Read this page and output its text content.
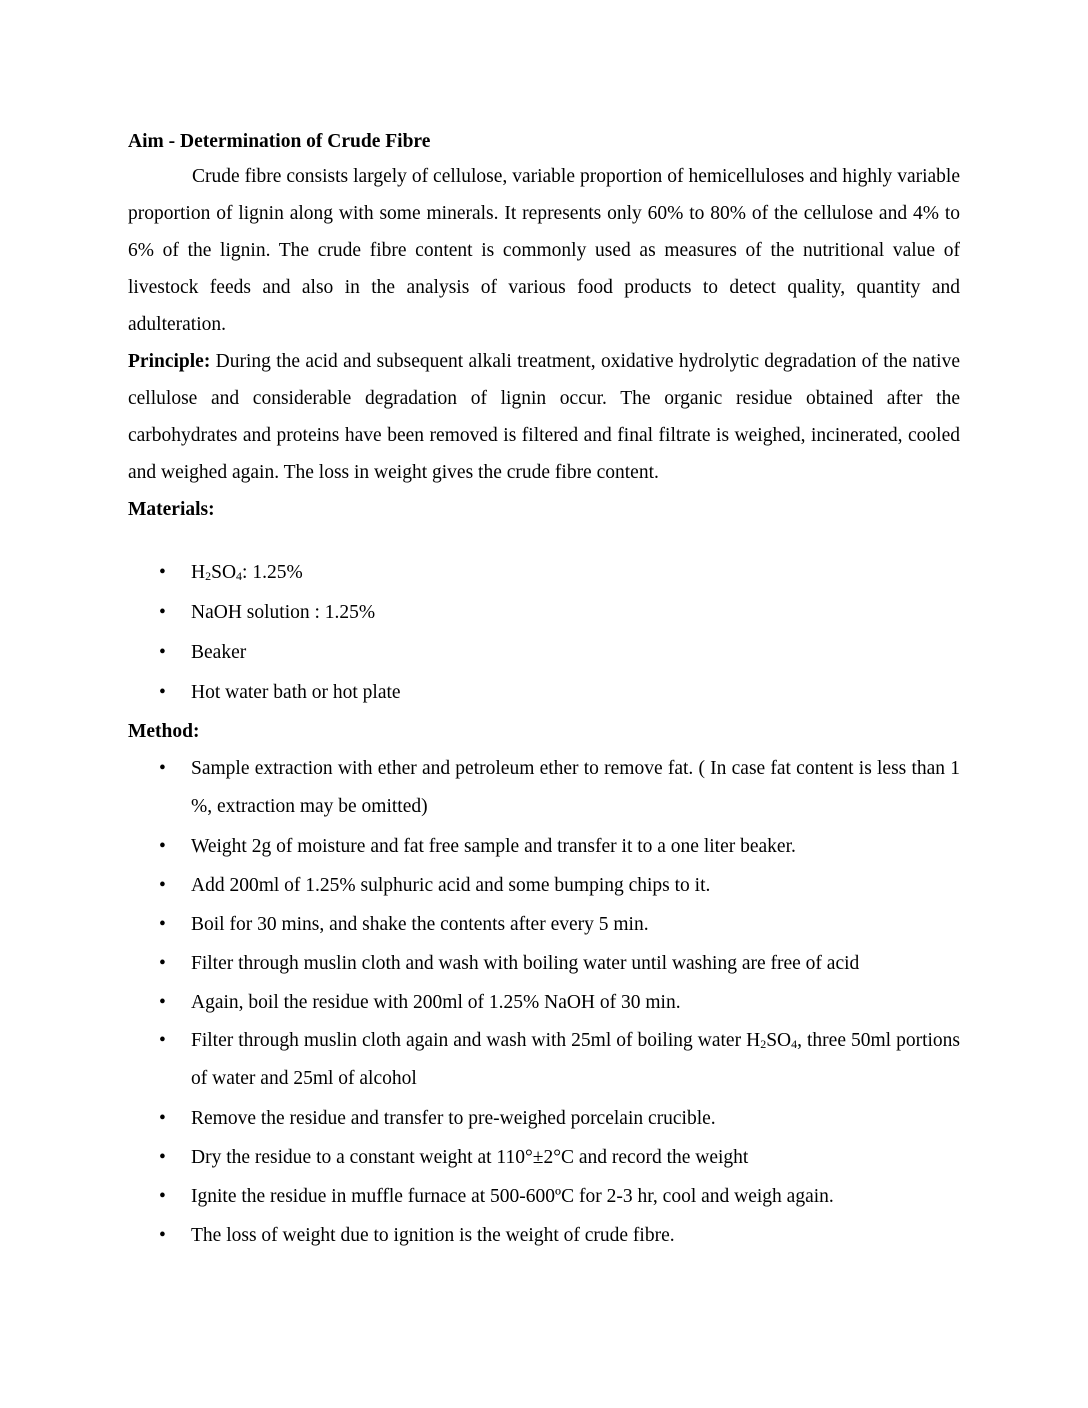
Aim - Determination of Crude Fibre

Crude fibre consists largely of cellulose, variable proportion of hemicelluloses and highly variable proportion of lignin along with some minerals. It represents only 60% to 80% of the cellulose and 4% to 6% of the lignin. The crude fibre content is commonly used as measures of the nutritional value of livestock feeds and also in the analysis of various food products to detect quality, quantity and adulteration.

Principle: During the acid and subsequent alkali treatment, oxidative hydrolytic degradation of the native cellulose and considerable degradation of lignin occur. The organic residue obtained after the carbohydrates and proteins have been removed is filtered and final filtrate is weighed, incinerated, cooled and weighed again. The loss in weight gives the crude fibre content.

Materials:

• $H_2SO_4$: 1.25%
• NaOH solution : 1.25%
• Beaker
• Hot water bath or hot plate

Method:

• Sample extraction with ether and petroleum ether to remove fat. ( In case fat content is less than 1 %, extraction may be omitted)
• Weight 2g of moisture and fat free sample and transfer it to a one liter beaker.
• Add 200ml of 1.25% sulphuric acid and some bumping chips to it.
• Boil for 30 mins, and shake the contents after every 5 min.
• Filter through muslin cloth and wash with boiling water until washing are free of acid
• Again, boil the residue with 200ml of 1.25% NaOH of 30 min.
• Filter through muslin cloth again and wash with 25ml of boiling water $H_2SO_4$, three 50ml portions of water and 25ml of alcohol
• Remove the residue and transfer to pre-weighed porcelain crucible.
• Dry the residue to a constant weight at 110°±2°C and record the weight
• Ignite the residue in muffle furnace at 500-600ºC for 2-3 hr, cool and weigh again.
• The loss of weight due to ignition is the weight of crude fibre.
